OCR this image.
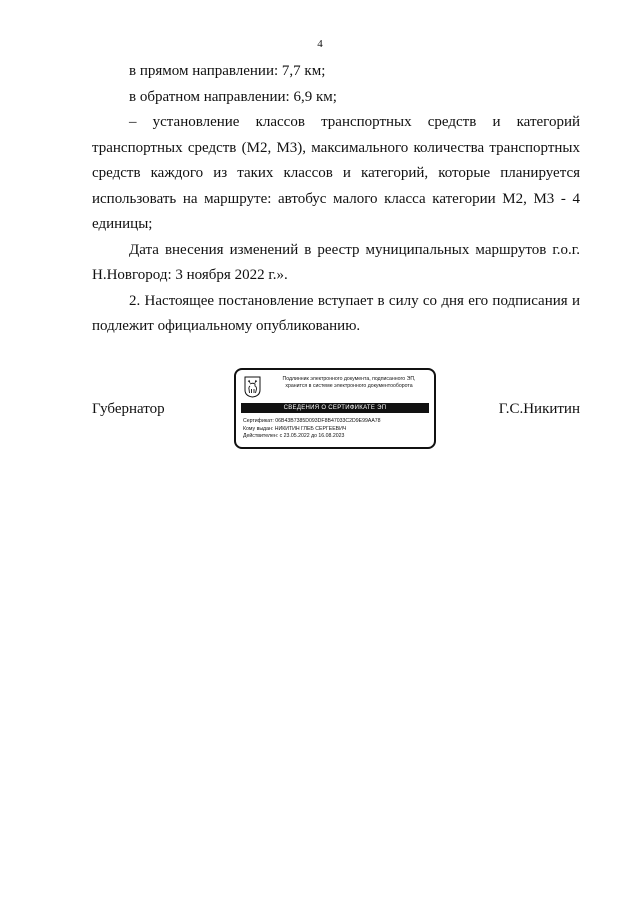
4

в прямом направлении: 7,7 км;

в обратном направлении: 6,9 км;

– установление классов транспортных средств и категорий транспортных средств (М2, М3), максимального количества транспортных средств каждого из таких классов и категорий, которые планируется использовать на маршруте: автобус малого класса категории М2, М3 - 4 единицы;

Дата внесения изменений в реестр муниципальных маршрутов г.о.г. Н.Новгород: 3 ноября 2022 г.».

2. Настоящее постановление вступает в силу со дня его подписания и подлежит официальному опубликованию.

Губернатор
Подлинник электронного документа, подписанного ЭП,
хранится в системе электронного документооборота
СВЕДЕНИЯ О СЕРТИФИКАТЕ ЭП
Сертификат: 06B43B7385D093DF8B47033C2D9E99AA78
Кому выдан: НИКИТИН ГЛЕБ СЕРГЕЕВИЧ
Действителен: с 23.05.2022 до 16.08.2023
Г.С.Никитин
